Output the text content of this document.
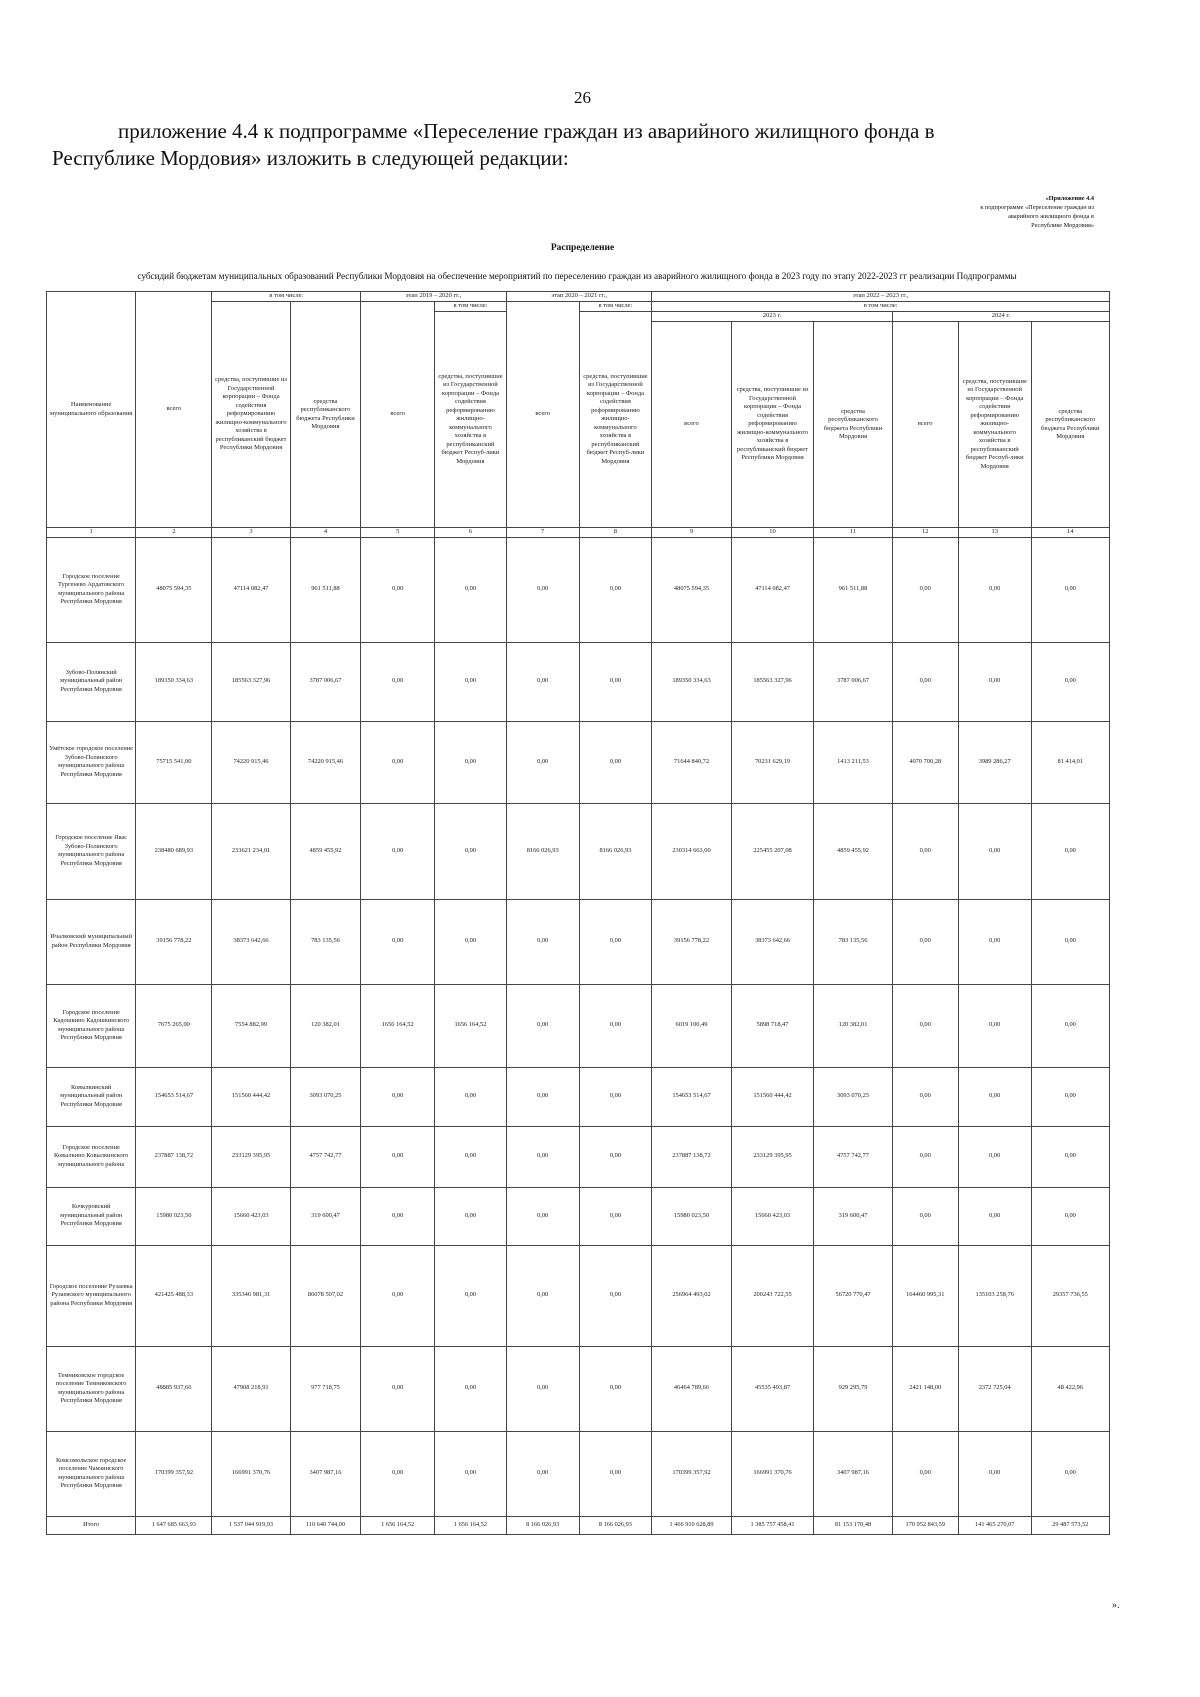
26
приложение 4.4 к подпрограмме «Переселение граждан из аварийного жилищного фонда в Республике Мордовия» изложить в следующей редакции:
«Приложение 4.4
к подпрограмме «Переселение граждан из
аварийного жилищного фонда в
Республике Мордовия»
Распределение
субсидий бюджетам муниципальных образований Республики Мордовия на обеспечение мероприятий по переселению граждан из аварийного жилищного фонда в 2023 году по этапу 2022-2023 гг реализации Подпрограммы
Наименование муниципального образования	всего	в том числе:		этап 2019 – 2020 гг.,		этап 2020 – 2021 гг.,		этап 2022 – 2023 гг.,					
		средства, поступившие из Государственной корпорации – Фонда содействия реформированию жилищно-коммунального хозяйства в республиканский бюджет Республики Мордовия	средства республиканского бюджета Республики Мордовия	всего	в том числе:	всего	в том числе:	в том числе:					
					средства, поступившие из Государственной корпорации – Фонда содействия реформированию жилищно-коммунального хозяйства в республиканский бюджет Респуб-лики Мордовия		средства, поступившие из Государственной корпорации – Фонда содействия реформированию жилищно-коммунального хозяйства в республиканский бюджет Респуб-лики Мордовия	2023 г.			2024 г.		
								всего	средства, поступившие из Государственной корпорации – Фонда содействия реформированию жилищно-коммунального хозяйства в республиканский бюджет Республики Мордовия	средства республиканского бюджета Республики Мордовия	всего	средства, поступившие из Государственной корпорации – Фонда содействия реформированию жилищно-коммунального хозяйства в республиканский бюджет Респуб-лики Мордовия	средства республиканского бюджета Республики Мордовия
1	2	3	4	5	6	7	8	9	10	11	12	13	14
Городское поселение Тургенево Ардатовского муниципального района Республики Мордовия	48075 594,35	47114 082,47	961 511,88	0,00	0,00	0,00	0,00	48075 594,35	47114 082,47	961 511,88	0,00	0,00	0,00
Зубово-Полянский муниципальный район Республики Мордовия	189350 334,63	185563 327,96	3787 006,67	0,00	0,00	0,00	0,00	189350 334,63	185563 327,96	3787 006,67	0,00	0,00	0,00
Умётское городское поселение Зубово-Полянского муниципального района Республики Мордовия	75715 541,00	74220 915,46	74220 915,46	0,00	0,00	0,00	0,00	71644 840,72	70231 629,19	1413 211,53	4070 700,28	3989 286,27	81 414,01
Городское поселение Явас Зубово-Полянского муниципального района Республики Мордовия	238480 689,93	233621 234,01	4859 455,92	0,00	0,00	8166 026,93	8166 026,93	230314 663,00	225455 207,08	4859 455,92	0,00	0,00	0,00
Ичалковский муниципальный район Республики Мордовия	39156 778,22	38373 642,66	783 135,56	0,00	0,00	0,00	0,00	39156 778,22	38373 642,66	783 135,56	0,00	0,00	0,00
Городское поселение Кадошкино Кадошкинского муниципального района Республики Мордовия	7675 265,00	7554 882,99	120 382,01	1656 164,52	1656 164,52	0,00	0,00	6019 100,49	5898 718,47	120 382,01	0,00	0,00	0,00
Ковылкинский муниципальный район Республики Мордовия	154653 514,67	151560 444,42	3093 070,25	0,00	0,00	0,00	0,00	154653 514,67	151560 444,42	3093 070,25	0,00	0,00	0,00
Городское поселение Ковылкино Ковылкинского муниципального района	237887 138,72	233129 395,95	4757 742,77	0,00	0,00	0,00	0,00	237887 138,72	233129 395,95	4757 742,77	0,00	0,00	0,00
Кочкуровский муниципальный район Республики Мордовия	15980 023,50	15660 423,03	319 600,47	0,00	0,00	0,00	0,00	15980 023,50	15660 423,03	319 600,47	0,00	0,00	0,00
Городское поселение Рузаевка Рузаевского муниципального района Республики Мордовия	421425 488,33	335346 981,31	86078 507,02	0,00	0,00	0,00	0,00	256964 493,02	200243 722,55	56720 770,47	164460 995,31	135103 258,76	29357 736,55
Темниковское городское поселение Темниковского муниципального района Республики Мордовия	48885 937,66	47908 218,91	977 718,75	0,00	0,00	0,00	0,00	46464 789,66	45535 493,87	929 295,79	2421 148,00	2372 725,04	48 422,96
Комсомольское городское поселение Чамзинского муниципального района Республики Мордовия	170399 357,92	166991 370,76	3407 987,16	0,00	0,00	0,00	0,00	170399 357,92	166991 370,76	3407 987,16	0,00	0,00	0,00
Итого	1 647 685 663,93	1 537 044 919,93	110 640 744,00	1 656 164,52	1 656 164,52	8 166 026,93	8 166 026,93	1 466 910 628,89	1 385 757 458,41	81 153 170,48	170 952 843,59	141 465 270,07	29 487 573,52
».
